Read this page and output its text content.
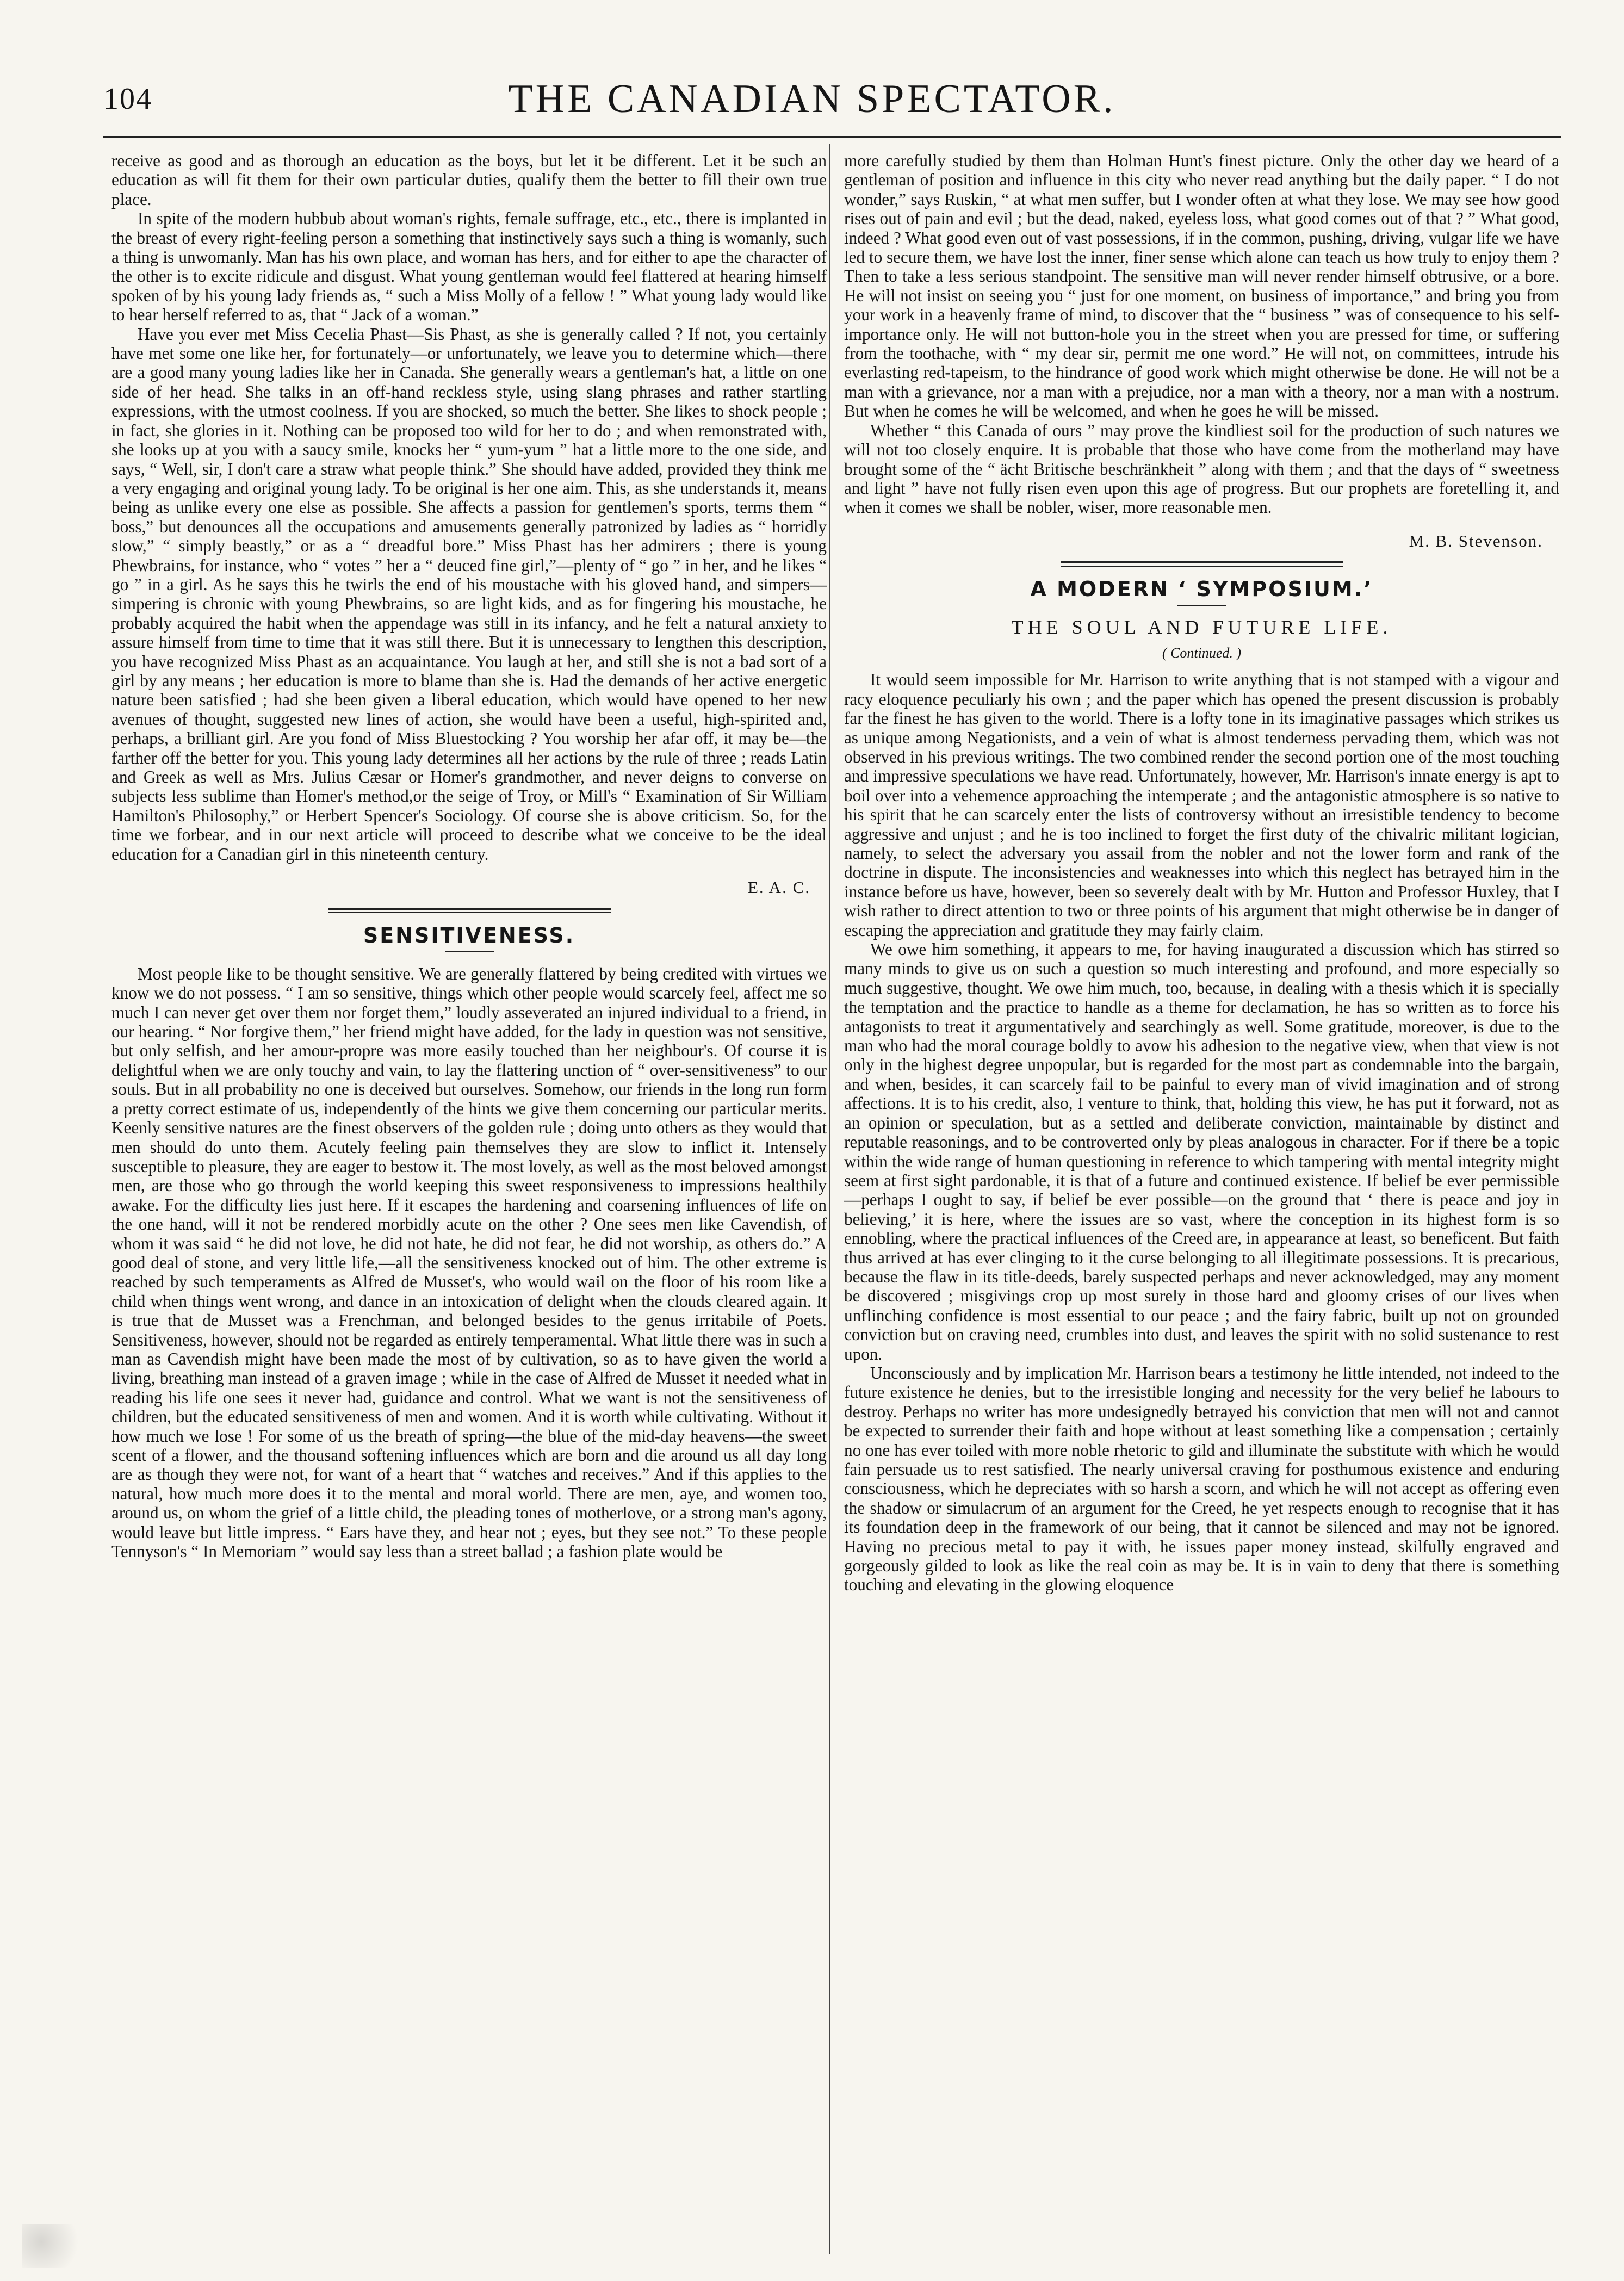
104	THE CANADIAN SPECTATOR.

receive as good and as thorough an education as the boys, but let it be different. Let it be such an education as will fit them for their own particular duties, qualify them the better to fill their own true place.

In spite of the modern hubbub about woman's rights, female suffrage, etc., etc., there is implanted in the breast of every right-feeling person a something that instinctively says such a thing is womanly, such a thing is unwomanly. Man has his own place, and woman has hers, and for either to ape the character of the other is to excite ridicule and disgust. What young gentleman would feel flattered at hearing himself spoken of by his young lady friends as, “ such a Miss Molly of a fellow ! ” What young lady would like to hear herself referred to as, that “ Jack of a woman.”

Have you ever met Miss Cecelia Phast—Sis Phast, as she is generally called ? If not, you certainly have met some one like her, for fortunately—or unfortunately, we leave you to determine which—there are a good many young ladies like her in Canada. She generally wears a gentleman's hat, a little on one side of her head. She talks in an off-hand reckless style, using slang phrases and rather startling expressions, with the utmost coolness. If you are shocked, so much the better. She likes to shock people ; in fact, she glories in it. Nothing can be proposed too wild for her to do ; and when remonstrated with, she looks up at you with a saucy smile, knocks her “ yum-yum ” hat a little more to the one side, and says, “ Well, sir, I don't care a straw what people think.” She should have added, provided they think me a very engaging and original young lady. To be original is her one aim. This, as she understands it, means being as unlike every one else as possible. She affects a passion for gentlemen's sports, terms them “ boss,” but denounces all the occupations and amusements generally patronized by ladies as “ horridly slow,” “ simply beastly,” or as a “ dreadful bore.” Miss Phast has her admirers ; there is young Phewbrains, for instance, who “ votes ” her a “ deuced fine girl,”—plenty of “ go ” in her, and he likes “ go ” in a girl. As he says this he twirls the end of his moustache with his gloved hand, and simpers—simpering is chronic with young Phewbrains, so are light kids, and as for fingering his moustache, he probably acquired the habit when the appendage was still in its infancy, and he felt a natural anxiety to assure himself from time to time that it was still there. But it is unnecessary to lengthen this description, you have recognized Miss Phast as an acquaintance. You laugh at her, and still she is not a bad sort of a girl by any means ; her education is more to blame than she is. Had the demands of her active energetic nature been satisfied ; had she been given a liberal education, which would have opened to her new avenues of thought, suggested new lines of action, she would have been a useful, high-spirited and, perhaps, a brilliant girl. Are you fond of Miss Bluestocking ? You worship her afar off, it may be—the farther off the better for you. This young lady determines all her actions by the rule of three ; reads Latin and Greek as well as Mrs. Julius Cæsar or Homer's grandmother, and never deigns to converse on subjects less sublime than Homer's method,or the seige of Troy, or Mill's “ Examination of Sir William Hamilton's Philosophy,” or Herbert Spencer's Sociology. Of course she is above criticism. So, for the time we forbear, and in our next article will proceed to describe what we conceive to be the ideal education for a Canadian girl in this nineteenth century.

E. A. C.
SENSITIVENESS.

Most people like to be thought sensitive. We are generally flattered by being credited with virtues we know we do not possess. “ I am so sensitive, things which other people would scarcely feel, affect me so much I can never get over them nor forget them,” loudly asseverated an injured individual to a friend, in our hearing. “ Nor forgive them,” her friend might have added, for the lady in question was not sensitive, but only selfish, and her amour-propre was more easily touched than her neighbour's. Of course it is delightful when we are only touchy and vain, to lay the flattering unction of “ over-sensitiveness” to our souls. But in all probability no one is deceived but ourselves. Somehow, our friends in the long run form a pretty correct estimate of us, independently of the hints we give them concerning our particular merits. Keenly sensitive natures are the finest observers of the golden rule ; doing unto others as they would that men should do unto them. Acutely feeling pain themselves they are slow to inflict it. Intensely susceptible to pleasure, they are eager to bestow it. The most lovely, as well as the most beloved amongst men, are those who go through the world keeping this sweet responsiveness to impressions healthily awake. For the difficulty lies just here. If it escapes the hardening and coarsening influences of life on the one hand, will it not be rendered morbidly acute on the other ? One sees men like Cavendish, of whom it was said “ he did not love, he did not hate, he did not fear, he did not worship, as others do.” A good deal of stone, and very little life,—all the sensitiveness knocked out of him. The other extreme is reached by such temperaments as Alfred de Musset's, who would wail on the floor of his room like a child when things went wrong, and dance in an intoxication of delight when the clouds cleared again. It is true that de Musset was a Frenchman, and belonged besides to the genus irritabile of Poets. Sensitiveness, however, should not be regarded as entirely temperamental. What little there was in such a man as Cavendish might have been made the most of by cultivation, so as to have given the world a living, breathing man instead of a graven image ; while in the case of Alfred de Musset it needed what in reading his life one sees it never had, guidance and control. What we want is not the sensitiveness of children, but the educated sensitiveness of men and women. And it is worth while cultivating. Without it how much we lose ! For some of us the breath of spring—the blue of the mid-day heavens—the sweet scent of a flower, and the thousand softening influences which are born and die around us all day long are as though they were not, for want of a heart that “ watches and receives.” And if this applies to the natural, how much more does it to the mental and moral world. There are men, aye, and women too, around us, on whom the grief of a little child, the pleading tones of motherlove, or a strong man's agony, would leave but little impress. “ Ears have they, and hear not ; eyes, but they see not.” To these people Tennyson's “ In Memoriam ” would say less than a street ballad ; a fashion plate would be

more carefully studied by them than Holman Hunt's finest picture. Only the other day we heard of a gentleman of position and influence in this city who never read anything but the daily paper. “ I do not wonder,” says Ruskin, “ at what men suffer, but I wonder often at what they lose. We may see how good rises out of pain and evil ; but the dead, naked, eyeless loss, what good comes out of that ? ” What good, indeed ? What good even out of vast possessions, if in the common, pushing, driving, vulgar life we have led to secure them, we have lost the inner, finer sense which alone can teach us how truly to enjoy them ? Then to take a less serious standpoint. The sensitive man will never render himself obtrusive, or a bore. He will not insist on seeing you “ just for one moment, on business of importance,” and bring you from your work in a heavenly frame of mind, to discover that the “ business ” was of consequence to his self-importance only. He will not button-hole you in the street when you are pressed for time, or suffering from the toothache, with “ my dear sir, permit me one word.” He will not, on committees, intrude his everlasting red-tapeism, to the hindrance of good work which might otherwise be done. He will not be a man with a grievance, nor a man with a prejudice, nor a man with a theory, nor a man with a nostrum. But when he comes he will be welcomed, and when he goes he will be missed.

Whether “ this Canada of ours ” may prove the kindliest soil for the production of such natures we will not too closely enquire. It is probable that those who have come from the motherland may have brought some of the “ ächt Britische beschränkheit ” along with them ; and that the days of “ sweetness and light ” have not fully risen even upon this age of progress. But our prophets are foretelling it, and when it comes we shall be nobler, wiser, more reasonable men.

M. B. Stevenson.
A MODERN ‘ SYMPOSIUM.’
THE SOUL AND FUTURE LIFE.
( Continued. )

It would seem impossible for Mr. Harrison to write anything that is not stamped with a vigour and racy eloquence peculiarly his own ; and the paper which has opened the present discussion is probably far the finest he has given to the world. There is a lofty tone in its imaginative passages which strikes us as unique among Negationists, and a vein of what is almost tenderness pervading them, which was not observed in his previous writings. The two combined render the second portion one of the most touching and impressive speculations we have read. Unfortunately, however, Mr. Harrison's innate energy is apt to boil over into a vehemence approaching the intemperate ; and the antagonistic atmosphere is so native to his spirit that he can scarcely enter the lists of controversy without an irresistible tendency to become aggressive and unjust ; and he is too inclined to forget the first duty of the chivalric militant logician, namely, to select the adversary you assail from the nobler and not the lower form and rank of the doctrine in dispute. The inconsistencies and weaknesses into which this neglect has betrayed him in the instance before us have, however, been so severely dealt with by Mr. Hutton and Professor Huxley, that I wish rather to direct attention to two or three points of his argument that might otherwise be in danger of escaping the appreciation and gratitude they may fairly claim.

We owe him something, it appears to me, for having inaugurated a discussion which has stirred so many minds to give us on such a question so much interesting and profound, and more especially so much suggestive, thought. We owe him much, too, because, in dealing with a thesis which it is specially the temptation and the practice to handle as a theme for declamation, he has so written as to force his antagonists to treat it argumentatively and searchingly as well. Some gratitude, moreover, is due to the man who had the moral courage boldly to avow his adhesion to the negative view, when that view is not only in the highest degree unpopular, but is regarded for the most part as condemnable into the bargain, and when, besides, it can scarcely fail to be painful to every man of vivid imagination and of strong affections. It is to his credit, also, I venture to think, that, holding this view, he has put it forward, not as an opinion or speculation, but as a settled and deliberate conviction, maintainable by distinct and reputable reasonings, and to be controverted only by pleas analogous in character. For if there be a topic within the wide range of human questioning in reference to which tampering with mental integrity might seem at first sight pardonable, it is that of a future and continued existence. If belief be ever permissible—perhaps I ought to say, if belief be ever possible—on the ground that ‘ there is peace and joy in believing,’ it is here, where the issues are so vast, where the conception in its highest form is so ennobling, where the practical influences of the Creed are, in appearance at least, so beneficent. But faith thus arrived at has ever clinging to it the curse belonging to all illegitimate possessions. It is precarious, because the flaw in its title-deeds, barely suspected perhaps and never acknowledged, may any moment be discovered ; misgivings crop up most surely in those hard and gloomy crises of our lives when unflinching confidence is most essential to our peace ; and the fairy fabric, built up not on grounded conviction but on craving need, crumbles into dust, and leaves the spirit with no solid sustenance to rest upon.

Unconsciously and by implication Mr. Harrison bears a testimony he little intended, not indeed to the future existence he denies, but to the irresistible longing and necessity for the very belief he labours to destroy. Perhaps no writer has more undesignedly betrayed his conviction that men will not and cannot be expected to surrender their faith and hope without at least something like a compensation ; certainly no one has ever toiled with more noble rhetoric to gild and illuminate the substitute with which he would fain persuade us to rest satisfied. The nearly universal craving for posthumous existence and enduring consciousness, which he depreciates with so harsh a scorn, and which he will not accept as offering even the shadow or simulacrum of an argument for the Creed, he yet respects enough to recognise that it has its foundation deep in the framework of our being, that it cannot be silenced and may not be ignored. Having no precious metal to pay it with, he issues paper money instead, skilfully engraved and gorgeously gilded to look as like the real coin as may be. It is in vain to deny that there is something touching and elevating in the glowing eloquence
